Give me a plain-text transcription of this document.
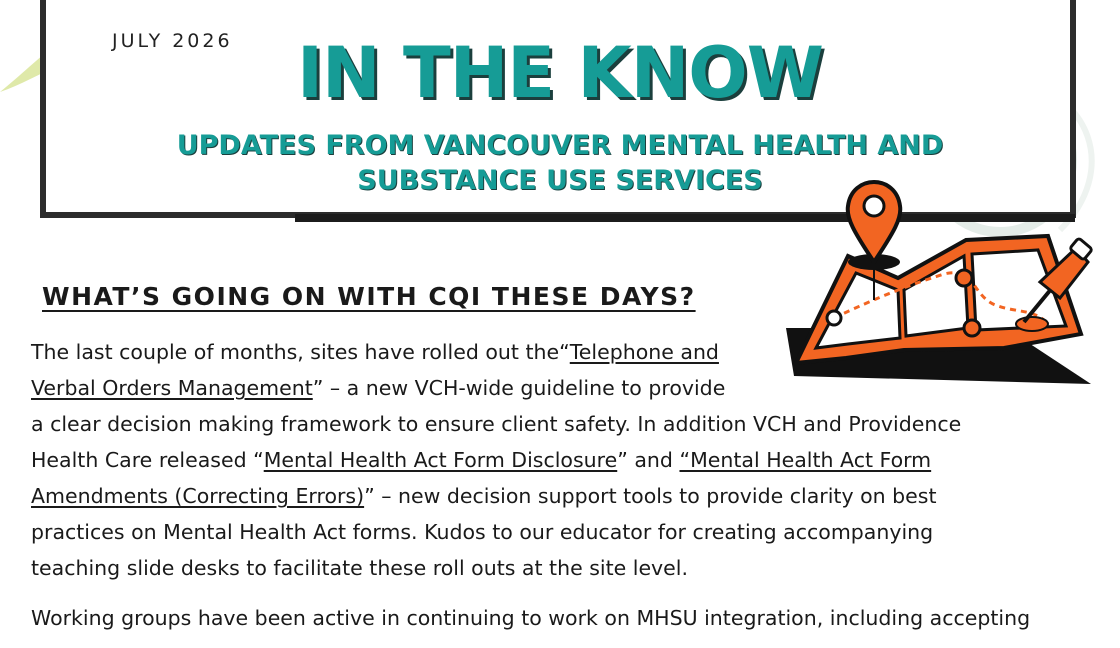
JULY 2026 IN THE KNOW
UPDATES FROM VANCOUVER MENTAL HEALTH AND
SUBSTANCE USE SERVICES
WHAT’S GOING ON WITH CQI THESE DAYS?
The last couple of months, sites have rolled out the“Telephone and
Verbal Orders Management” – a new VCH-wide guideline to provide
a clear decision making framework to ensure client safety. In addition VCH and Providence
Health Care released “Mental Health Act Form Disclosure” and “Mental Health Act Form
Amendments (Correcting Errors)” – new decision support tools to provide clarity on best
practices on Mental Health Act forms. Kudos to our educator for creating accompanying
teaching slide desks to facilitate these roll outs at the site level.
Working groups have been active in continuing to work on MHSU integration, including accepting
